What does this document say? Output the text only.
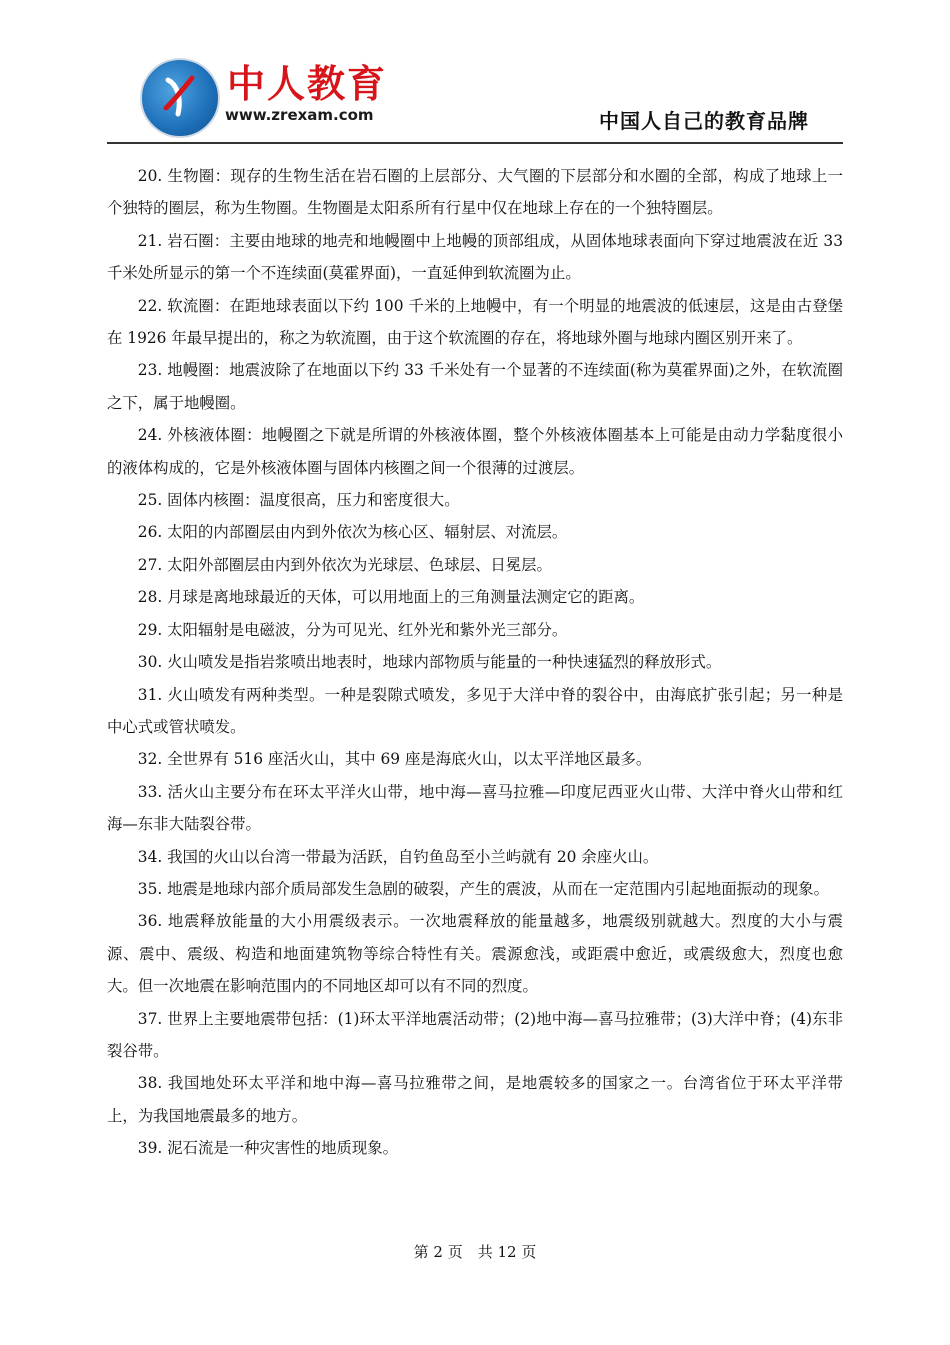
中人教育
www.zrexam.com	中国人自己的教育品牌

20. 生物圈：现存的生物生活在岩石圈的上层部分、大气圈的下层部分和水圈的全部，构成了地球上一个独特的圈层，称为生物圈。生物圈是太阳系所有行星中仅在地球上存在的一个独特圈层。

21. 岩石圈：主要由地球的地壳和地幔圈中上地幔的顶部组成，从固体地球表面向下穿过地震波在近 33 千米处所显示的第一个不连续面(莫霍界面)，一直延伸到软流圈为止。

22. 软流圈：在距地球表面以下约 100 千米的上地幔中，有一个明显的地震波的低速层，这是由古登堡在 1926 年最早提出的，称之为软流圈，由于这个软流圈的存在，将地球外圈与地球内圈区别开来了。

23. 地幔圈：地震波除了在地面以下约 33 千米处有一个显著的不连续面(称为莫霍界面)之外，在软流圈之下，属于地幔圈。

24. 外核液体圈：地幔圈之下就是所谓的外核液体圈，整个外核液体圈基本上可能是由动力学黏度很小的液体构成的，它是外核液体圈与固体内核圈之间一个很薄的过渡层。

25. 固体内核圈：温度很高，压力和密度很大。

26. 太阳的内部圈层由内到外依次为核心区、辐射层、对流层。

27. 太阳外部圈层由内到外依次为光球层、色球层、日冕层。

28. 月球是离地球最近的天体，可以用地面上的三角测量法测定它的距离。

29. 太阳辐射是电磁波，分为可见光、红外光和紫外光三部分。

30. 火山喷发是指岩浆喷出地表时，地球内部物质与能量的一种快速猛烈的释放形式。

31. 火山喷发有两种类型。一种是裂隙式喷发，多见于大洋中脊的裂谷中，由海底扩张引起；另一种是中心式或管状喷发。

32. 全世界有 516 座活火山，其中 69 座是海底火山，以太平洋地区最多。

33. 活火山主要分布在环太平洋火山带，地中海—喜马拉雅—印度尼西亚火山带、大洋中脊火山带和红海—东非大陆裂谷带。

34. 我国的火山以台湾一带最为活跃，自钓鱼岛至小兰屿就有 20 余座火山。

35. 地震是地球内部介质局部发生急剧的破裂，产生的震波，从而在一定范围内引起地面振动的现象。

36. 地震释放能量的大小用震级表示。一次地震释放的能量越多，地震级别就越大。烈度的大小与震源、震中、震级、构造和地面建筑物等综合特性有关。震源愈浅，或距震中愈近，或震级愈大，烈度也愈大。但一次地震在影响范围内的不同地区却可以有不同的烈度。

37. 世界上主要地震带包括：(1)环太平洋地震活动带；(2)地中海—喜马拉雅带；(3)大洋中脊；(4)东非裂谷带。

38. 我国地处环太平洋和地中海—喜马拉雅带之间，是地震较多的国家之一。台湾省位于环太平洋带上，为我国地震最多的地方。

39. 泥石流是一种灾害性的地质现象。

第 2 页　共 12 页
